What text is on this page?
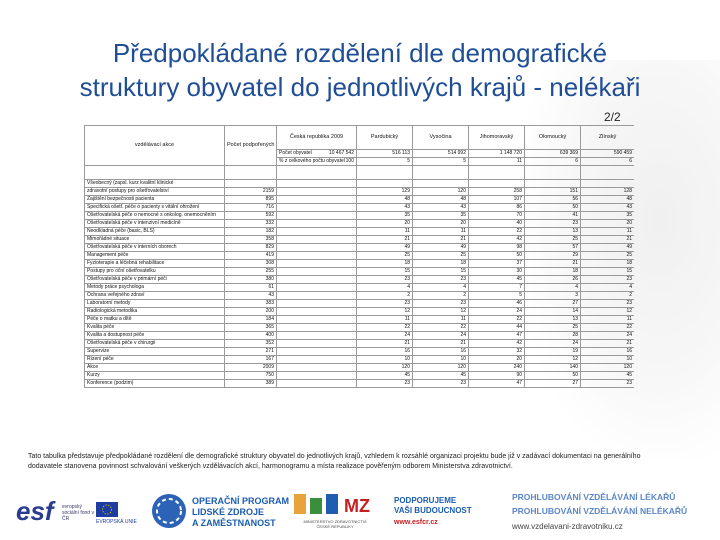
Předpokládané rozdělení dle demografické
struktury obyvatel do jednotlivých krajů - nelékaři
2/2
vzdělávací akce	Počet podpořených	Česká republika 2009	Pardubický	Vysočina	Jihomoravský	Olomoucký	Zlínský
		Počet obyvatel 10 467 542	516 113	514 992	1 148 720	639 369	590 459
		% z celkového počtu obyvatel 100	5	5	11	6	6

Všeobecný (zapsl. kurz kvalitní klinické							
zdravotní postupy pro ošetřovatelství	2159		129	120	258	151	128
Zajištění bezpečnosti pacienta	895		48	48	107	56	48
Specifická ošetř. péče o pacienty s vitální ohrožení	716		43	43	86	50	43
Ošetřovatelská péče o nemocné s onkolog. onemocněním	592		35	35	70	41	35
Ošetřovatelská péče v intenzivní medicíně	332		20	20	40	23	20
Neodkladná péče (basic, BLS)	182		11	11	22	13	11
Mimořádné situace	358		21	21	42	25	21
Ošetřovatelská péče v interních oborech	829		49	49	98	57	49
Management péče	419		25	25	50	29	25
Fyzioterapie a léčebná rehabilitace	308		18	18	37	21	18
Postupy pro oční ošetřovatelku	255		15	15	30	18	15
Ošetřovatelská péče v primární péči	380		23	23	45	26	23
Metody práce psychologa	61		4	4	7	4	4
Ochrana veřejného zdraví	43		2	2	5	3	2
Laboratorní metody	383		23	23	46	27	23
Radiologická metodika	200		12	12	24	14	12
Péče o matku a dítě	184		11	11	22	13	11
Kvalita péče	365		22	22	44	25	22
Kvalita a dostupnost péče	400		24	24	47	28	24
Ošetřovatelská péče v chirurgii	352		21	21	42	24	21
Supervize	271		16	16	32	19	16
Řízení péče	167		10	10	20	12	10
Akce	2009		120	120	240	140	120
Kurzy	750		45	45	90	50	45
Konference (podzim)	389		23	23	47	27	23
Tato tabulka představuje předpokládané rozdělení dle demografické struktury obyvatel do jednotlivých krajů, vzhledem k rozsáhlé organizaci projektu bude již v zadávací dokumentaci na generálního dodavatele stanovena povinnost schvalování veškerých vzdělávacích akcí, harmonogramu a místa realizace pověřeným odborem Ministerstva zdravotnictví.
esf	evropský sociální fond v ČR	EVROPSKÁ UNIE
OPERAČNÍ PROGRAM
LIDSKÉ ZDROJE
A ZAMĚSTNANOST
MZ
MINISTERSTVO ZDRAVOTNICTVÍ
ČESKÉ REPUBLIKY
PODPORUJEME
VAŠI BUDOUCNOST
www.esfcr.cz
PROHLUBOVÁNÍ VZDĚLÁVÁNÍ LÉKAŘŮ
PROHLUBOVÁNÍ VZDĚLÁVÁNÍ NELÉKAŘŮ
www.vzdelavani-zdravotniku.cz
